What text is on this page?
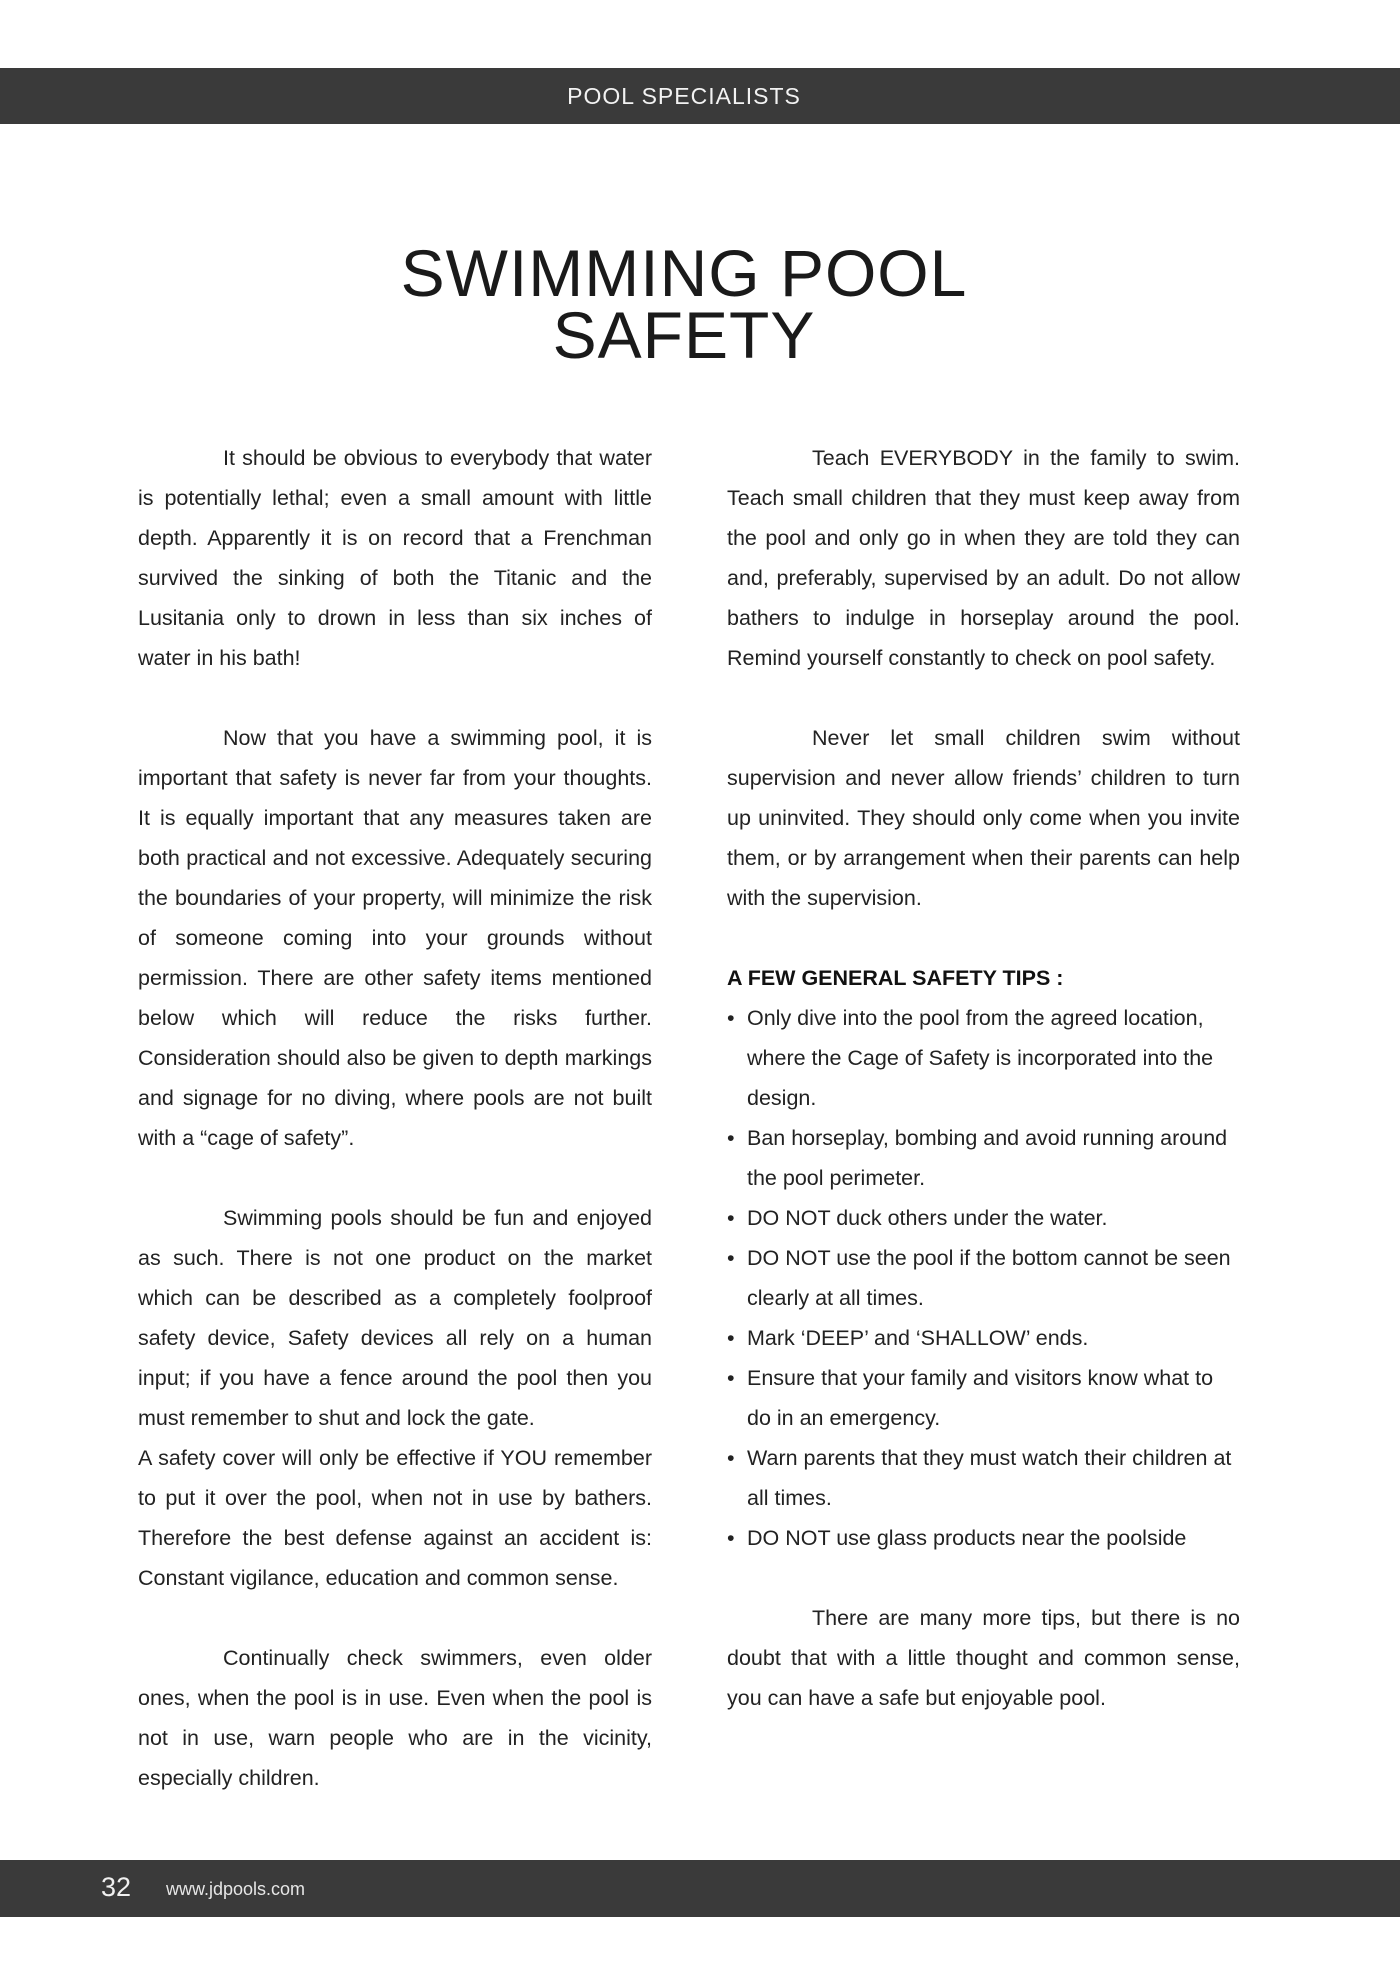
POOL SPECIALISTS
SWIMMING POOL
SAFETY

It should be obvious to everybody that water is potentially lethal; even a small amount with little depth. Apparently it is on record that a Frenchman survived the sinking of both the Titanic and the Lusitania only to drown in less than six inches of water in his bath!

Now that you have a swimming pool, it is important that safety is never far from your thoughts. It is equally important that any measures taken are both practical and not excessive. Adequately securing the boundaries of your property, will minimize the risk of someone coming into your grounds without permission. There are other safety items mentioned below which will reduce the risks further. Consideration should also be given to depth markings and signage for no diving, where pools are not built with a “cage of safety”.

Swimming pools should be fun and enjoyed as such. There is not one product on the market which can be described as a completely foolproof safety device, Safety devices all rely on a human input; if you have a fence around the pool then you must remember to shut and lock the gate.

A safety cover will only be effective if YOU remember to put it over the pool, when not in use by bathers. Therefore the best defense against an accident is: Constant vigilance, education and common sense.

Continually check swimmers, even older ones, when the pool is in use. Even when the pool is not in use, warn people who are in the vicinity, especially children.

Teach EVERYBODY in the family to swim. Teach small children that they must keep away from the pool and only go in when they are told they can and, preferably, supervised by an adult. Do not allow bathers to indulge in horseplay around the pool. Remind yourself constantly to check on pool safety.

Never let small children swim without supervision and never allow friends’ children to turn up uninvited. They should only come when you invite them, or by arrangement when their parents can help with the supervision.

A FEW GENERAL SAFETY TIPS :
• Only dive into the pool from the agreed location, where the Cage of Safety is incorporated into the design.
• Ban horseplay, bombing and avoid running around the pool perimeter.
• DO NOT duck others under the water.
• DO NOT use the pool if the bottom cannot be seen clearly at all times.
• Mark ‘DEEP’ and ‘SHALLOW’ ends.
• Ensure that your family and visitors know what to do in an emergency.
• Warn parents that they must watch their children at all times.
• DO NOT use glass products near the poolside

There are many more tips, but there is no doubt that with a little thought and common sense, you can have a safe but enjoyable pool.

32 www.jdpools.com
